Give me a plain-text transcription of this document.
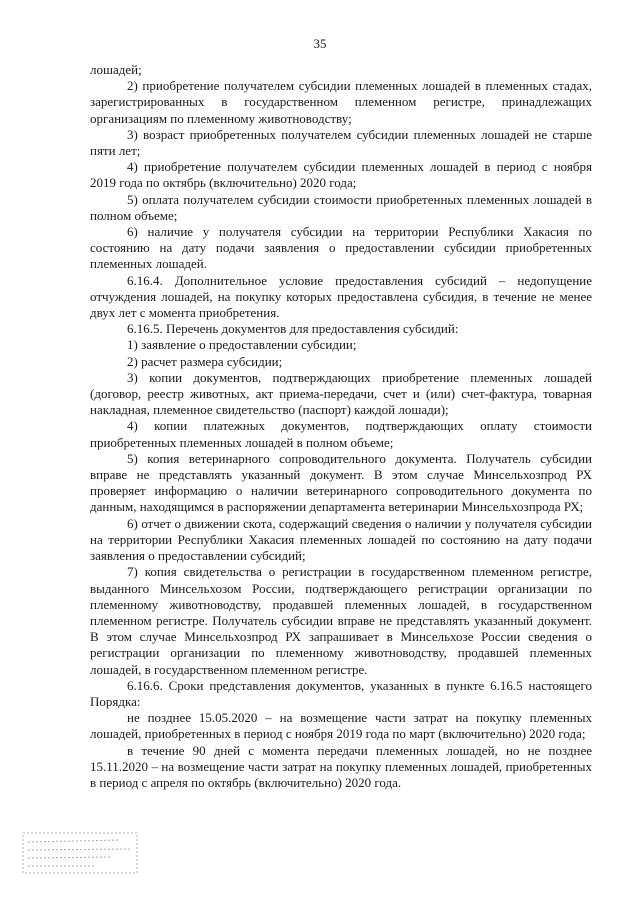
35

лошадей;

2) приобретение получателем субсидии племенных лошадей в племенных стадах, зарегистрированных в государственном племенном регистре, принадлежащих организациям по племенному животноводству;

3) возраст приобретенных получателем субсидии племенных лошадей не старше пяти лет;

4) приобретение получателем субсидии племенных лошадей в период с ноября 2019 года по октябрь (включительно) 2020 года;

5) оплата получателем субсидии стоимости приобретенных племенных лошадей в полном объеме;

6) наличие у получателя субсидии на территории Республики Хакасия по состоянию на дату подачи заявления о предоставлении субсидии приобретенных племенных лошадей.

6.16.4. Дополнительное условие предоставления субсидий – недопущение отчуждения лошадей, на покупку которых предоставлена субсидия, в течение не менее двух лет с момента приобретения.

6.16.5. Перечень документов для предоставления субсидий:

1) заявление о предоставлении субсидии;

2) расчет размера субсидии;

3) копии документов, подтверждающих приобретение племенных лошадей (договор, реестр животных, акт приема-передачи, счет и (или) счет-фактура, товарная накладная, племенное свидетельство (паспорт) каждой лошади);

4) копии платежных документов, подтверждающих оплату стоимости приобретенных племенных лошадей в полном объеме;

5) копия ветеринарного сопроводительного документа. Получатель субсидии вправе не представлять указанный документ. В этом случае Минсельхозпрод РХ проверяет информацию о наличии ветеринарного сопроводительного документа по данным, находящимся в распоряжении департамента ветеринарии Минсельхозпрода РХ;

6) отчет о движении скота, содержащий сведения о наличии у получателя субсидии на территории Республики Хакасия племенных лошадей по состоянию на дату подачи заявления о предоставлении субсидий;

7) копия свидетельства о регистрации в государственном племенном регистре, выданного Минсельхозом России, подтверждающего регистрации организации по племенному животноводству, продавшей племенных лошадей, в государственном племенном регистре. Получатель субсидии вправе не представлять указанный документ. В этом случае Минсельхозпрод РХ запрашивает в Минсельхозе России сведения о регистрации организации по племенному животноводству, продавшей племенных лошадей, в государственном племенном регистре.

6.16.6. Сроки представления документов, указанных в пункте 6.16.5 настоящего Порядка:

не позднее 15.05.2020 – на возмещение части затрат на покупку племенных лошадей, приобретенных в период с ноября 2019 года по март (включительно) 2020 года;

в течение 90 дней с момента передачи племенных лошадей, но не позднее 15.11.2020 – на возмещение части затрат на покупку племенных лошадей, приобретенных в период с апреля по октябрь (включительно) 2020 года.
